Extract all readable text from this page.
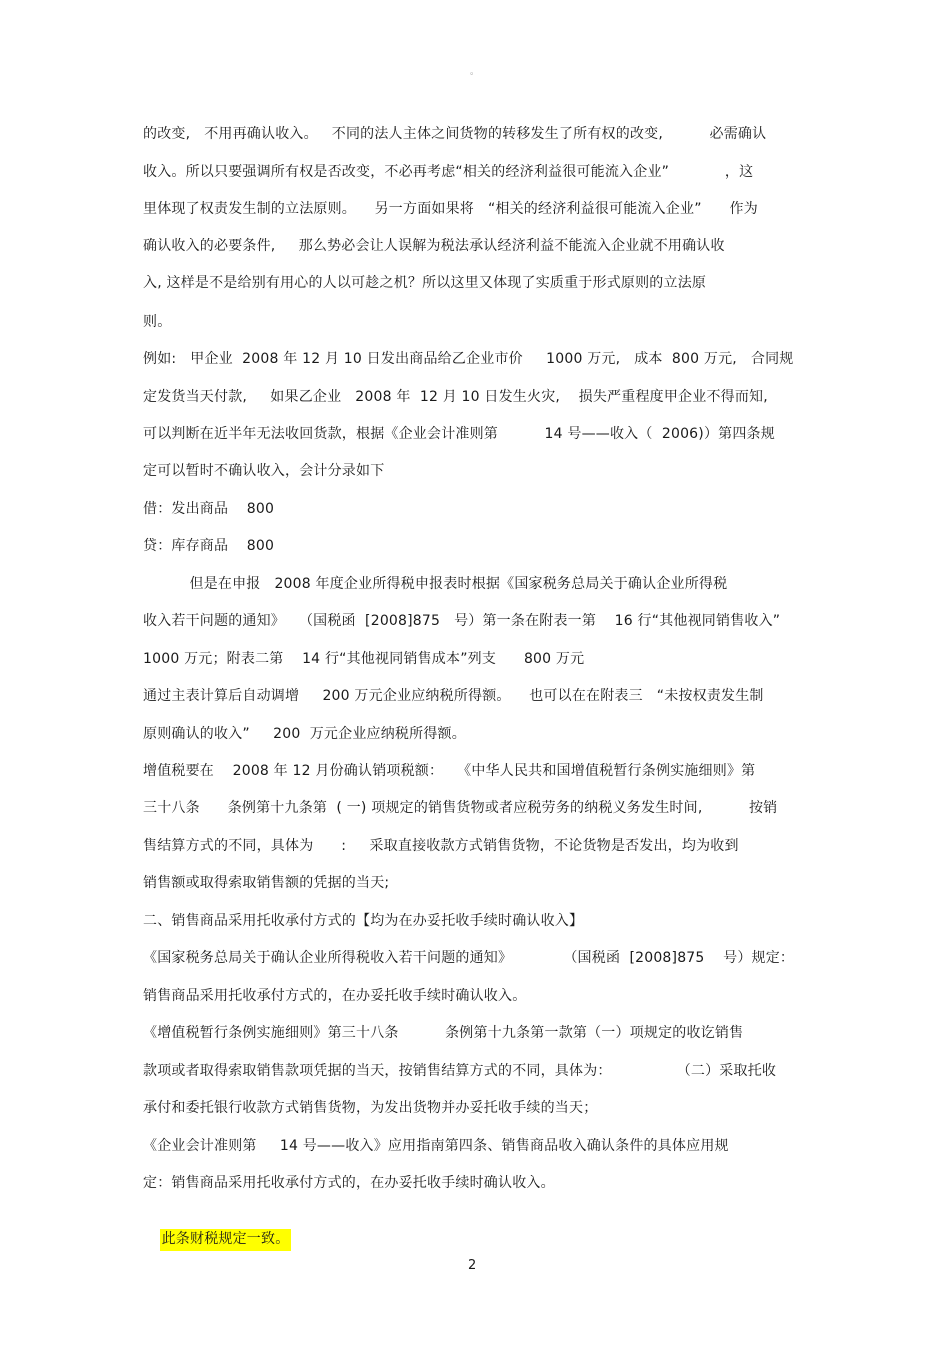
。
的改变,   不用再确认收入。   不同的法人主体之间货物的转移发生了所有权的改变,          必需确认
收入。所以只要强调所有权是否改变，不必再考虑“相关的经济利益很可能流入企业”            ，这
里体现了权责发生制的立法原则。    另一方面如果将   “相关的经济利益很可能流入企业”      作为
确认收入的必要条件,     那么势必会让人误解为税法承认经济利益不能流入企业就不用确认收
入, 这样是不是给别有用心的人以可趁之机？所以这里又体现了实质重于形式原则的立法原
则。
例如:   甲企业  2008 年 12 月 10 日发出商品给乙企业市价     1000 万元,   成本  800 万元,   合同规
定发货当天付款,     如果乙企业   2008 年  12 月 10 日发生火灾,    损失严重程度甲企业不得而知,
可以判断在近半年无法收回货款，根据《企业会计准则第          14 号——收入（  2006)）第四条规
定可以暂时不确认收入，会计分录如下
借：发出商品    800
贷：库存商品    800
但是在申报   2008 年度企业所得税申报表时根据《国家税务总局关于确认企业所得税
收入若干问题的通知》   （国税函  [2008]875   号）第一条在附表一第    16 行“其他视同销售收入”
1000 万元；附表二第    14 行“其他视同销售成本”列支      800 万元
通过主表计算后自动调增     200 万元企业应纳税所得额。    也可以在在附表三   “未按权责发生制
原则确认的收入”     200  万元企业应纳税所得额。
增值税要在    2008 年 12 月份确认销项税额：   《中华人民共和国增值税暂行条例实施细则》第
三十八条      条例第十九条第  ( 一) 项规定的销售货物或者应税劳务的纳税义务发生时间,          按销
售结算方式的不同，具体为      :     采取直接收款方式销售货物，不论货物是否发出，均为收到
销售额或取得索取销售额的凭据的当天;
二、销售商品采用托收承付方式的【均为在办妥托收手续时确认收入】
《国家税务总局关于确认企业所得税收入若干问题的通知》           （国税函  [2008]875    号）规定：
销售商品采用托收承付方式的，在办妥托收手续时确认收入。
《增值税暂行条例实施细则》第三十八条          条例第十九条第一款第（一）项规定的收讫销售
款项或者取得索取销售款项凭据的当天，按销售结算方式的不同，具体为：              （二）采取托收
承付和委托银行收款方式销售货物，为发出货物并办妥托收手续的当天；
《企业会计准则第     14 号——收入》应用指南第四条、销售商品收入确认条件的具体应用规
定：销售商品采用托收承付方式的，在办妥托收手续时确认收入。

此条财税规定一致。

2
